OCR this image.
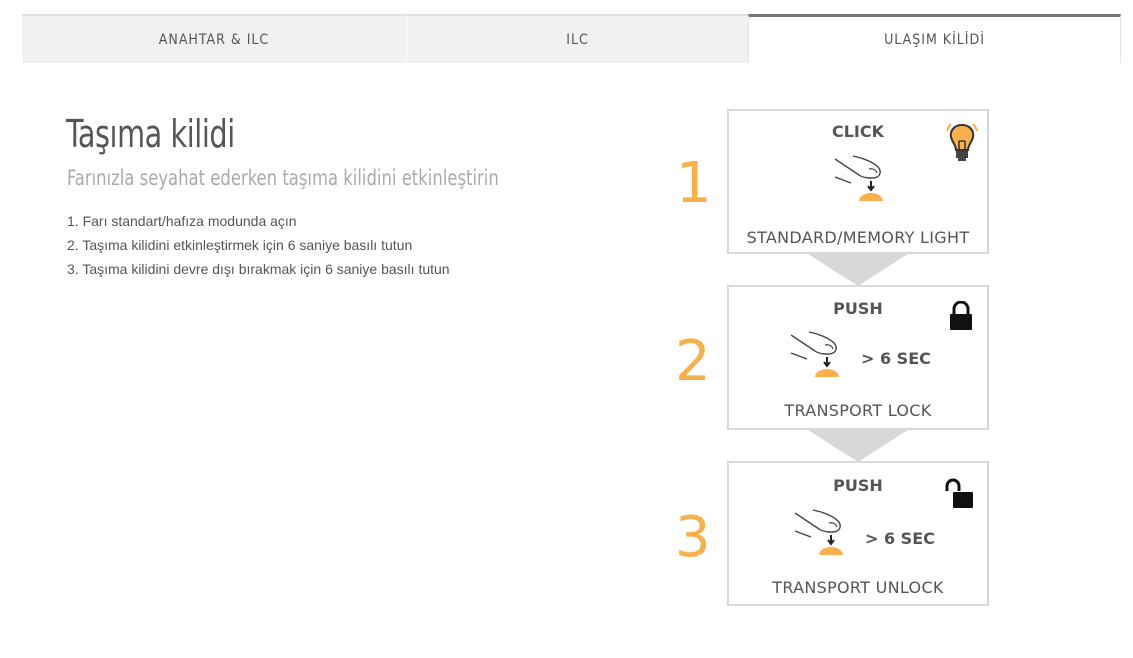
ANAHTAR & ILC	ILC	ULAŞIM KİLİDİ
Taşıma kilidi

Farınızla seyahat ederken taşıma kilidini etkinleştirin

1. Farı standart/hafıza modunda açın
2. Taşıma kilidini etkinleştirmek için 6 saniye basılı tutun
3. Taşıma kilidini devre dışı bırakmak için 6 saniye basılı tutun
1
2
3
CLICK
STANDARD/MEMORY LIGHT
PUSH
> 6 SEC
TRANSPORT LOCK
PUSH
> 6 SEC
TRANSPORT UNLOCK
